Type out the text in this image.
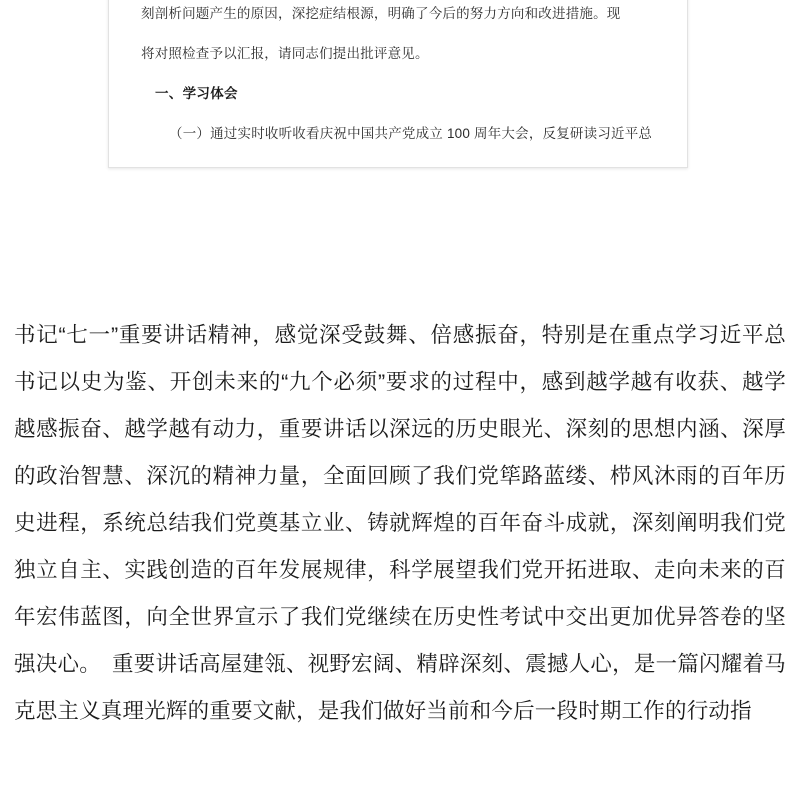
刻剖析问题产生的原因，深挖症结根源，明确了今后的努力方向和改进措施。现
将对照检查予以汇报，请同志们提出批评意见。
一、学习体会
（一）通过实时收听收看庆祝中国共产党成立 100 周年大会，反复研读习近平总
书记“七一”重要讲话精神，感觉深受鼓舞、倍感振奋，特别是在重点学习近平总书记以史为鉴、开创未来的“九个必须”要求的过程中，感到越学越有收获、越学越感振奋、越学越有动力，重要讲话以深远的历史眼光、深刻的思想内涵、深厚的政治智慧、深沉的精神力量，全面回顾了我们党筚路蓝缕、栉风沐雨的百年历史进程，系统总结我们党奠基立业、铸就辉煌的百年奋斗成就，深刻阐明我们党独立自主、实践创造的百年发展规律，科学展望我们党开拓进取、走向未来的百年宏伟蓝图，向全世界宣示了我们党继续在历史性考试中交出更加优异答卷的坚强决心。　重要讲话高屋建瓴、视野宏阔、精辟深刻、震撼人心，是一篇闪耀着马克思主义真理光辉的重要文献，是我们做好当前和今后一段时期工作的行动指
